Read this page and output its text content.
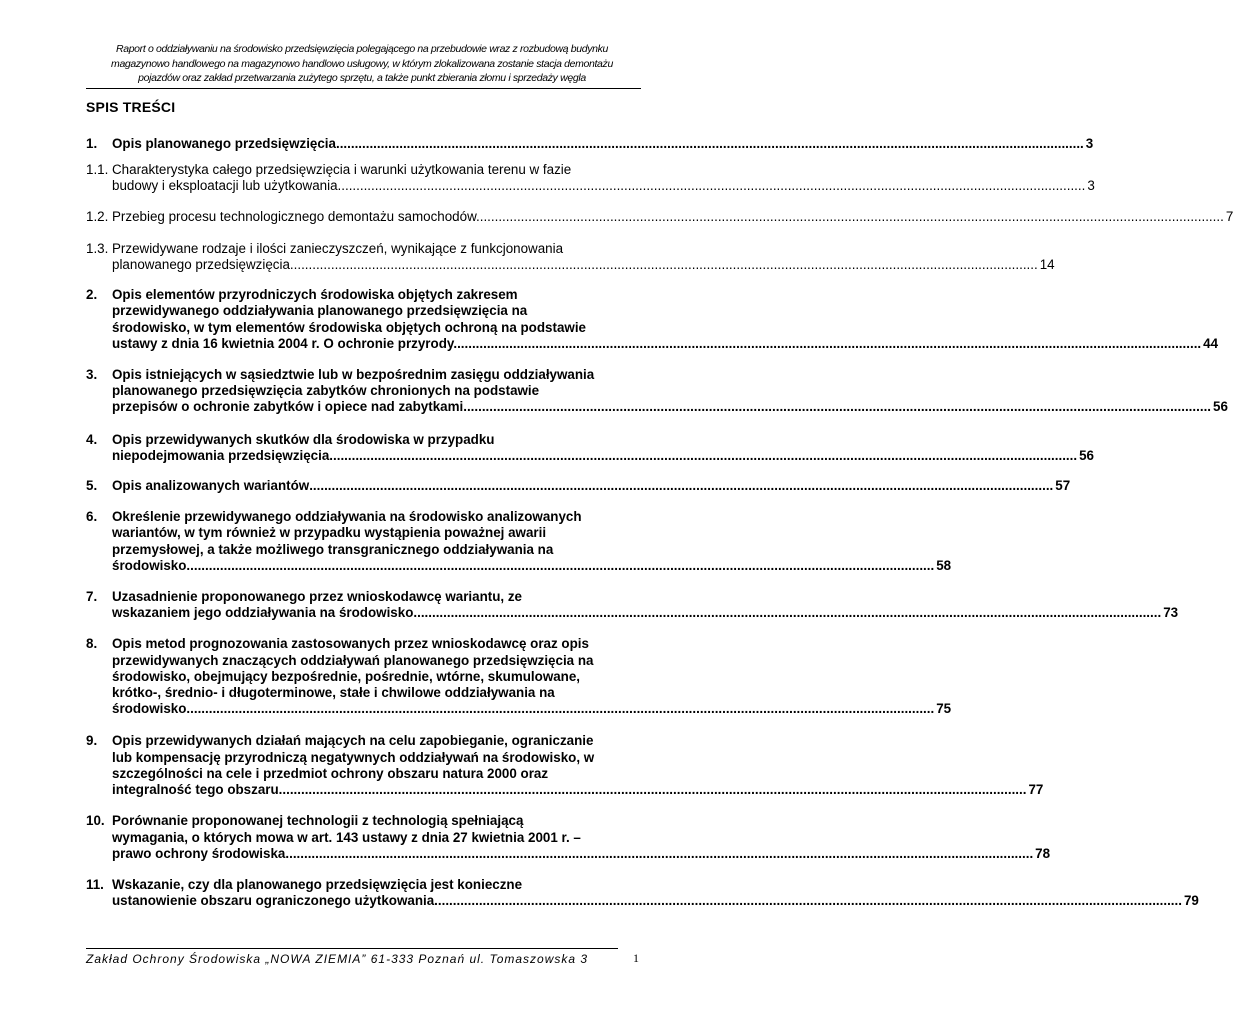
Raport o oddziaływaniu na środowisko przedsięwzięcia polegającego na przebudowie wraz z rozbudową budynku
magazynowo handlowego na magazynowo handlowo usługowy, w którym zlokalizowana zostanie stacja demontażu
pojazdów oraz zakład przetwarzania zużytego sprzętu, a także punkt zbierania złomu i sprzedaży węgla
SPIS TREŚCI
1.	Opis planowanego przedsięwzięcia. ........................................................................................................................................................................................................ 3
1.1. Charakterystyka całego przedsięwzięcia i warunki użytkowania terenu w fazie
budowy i eksploatacji lub użytkowania. ........................................................................................................................................................................................................ 3
1.2. Przebieg procesu technologicznego demontażu samochodów. ........................................................................................................................................................................................................ 7
1.3. Przewidywane rodzaje i ilości zanieczyszczeń, wynikające z funkcjonowania
planowanego przedsięwzięcia. ........................................................................................................................................................................................................ 14
2.	Opis elementów przyrodniczych środowiska objętych zakresem
przewidywanego oddziaływania planowanego przedsięwzięcia na
środowisko, w tym elementów środowiska objętych ochroną na podstawie
ustawy z dnia 16 kwietnia 2004 r. O ochronie przyrody. ........................................................................................................................................................................................................ 44
3.	Opis istniejących w sąsiedztwie lub w bezpośrednim zasięgu oddziaływania
planowanego przedsięwzięcia zabytków chronionych na podstawie
przepisów o ochronie zabytków i opiece nad zabytkami. ........................................................................................................................................................................................................ 56
4.	Opis przewidywanych skutków dla środowiska w przypadku
niepodejmowania przedsięwzięcia. ........................................................................................................................................................................................................ 56
5.	Opis analizowanych wariantów ........................................................................................................................................................................................................ 57
6.	Określenie przewidywanego oddziaływania na środowisko analizowanych
wariantów, w tym również w przypadku wystąpienia poważnej awarii
przemysłowej, a także możliwego transgranicznego oddziaływania na
środowisko. ........................................................................................................................................................................................................ 58
7.	Uzasadnienie proponowanego przez wnioskodawcę wariantu, ze
wskazaniem jego oddziaływania na środowisko. ........................................................................................................................................................................................................ 73
8.	Opis metod prognozowania zastosowanych przez wnioskodawcę oraz opis
przewidywanych znaczących oddziaływań planowanego przedsięwzięcia na
środowisko, obejmujący bezpośrednie, pośrednie, wtórne, skumulowane,
krótko-, średnio- i długoterminowe, stałe i chwilowe oddziaływania na
środowisko. ........................................................................................................................................................................................................ 75
9.	Opis przewidywanych działań mających na celu zapobieganie, ograniczanie
lub kompensację przyrodniczą negatywnych oddziaływań na środowisko, w
szczególności na cele i przedmiot ochrony obszaru natura 2000 oraz
integralność tego obszaru. ........................................................................................................................................................................................................ 77
10. Porównanie proponowanej technologii z technologią spełniającą
wymagania, o których mowa w art. 143 ustawy z dnia 27 kwietnia 2001 r. –
prawo ochrony środowiska. ........................................................................................................................................................................................................ 78
11. Wskazanie, czy dla planowanego przedsięwzięcia jest konieczne
ustanowienie obszaru ograniczonego użytkowania. ........................................................................................................................................................................................................ 79
Zakład Ochrony Środowiska „NOWA ZIEMIA” 61-333 Poznań ul. Tomaszowska 3	1
